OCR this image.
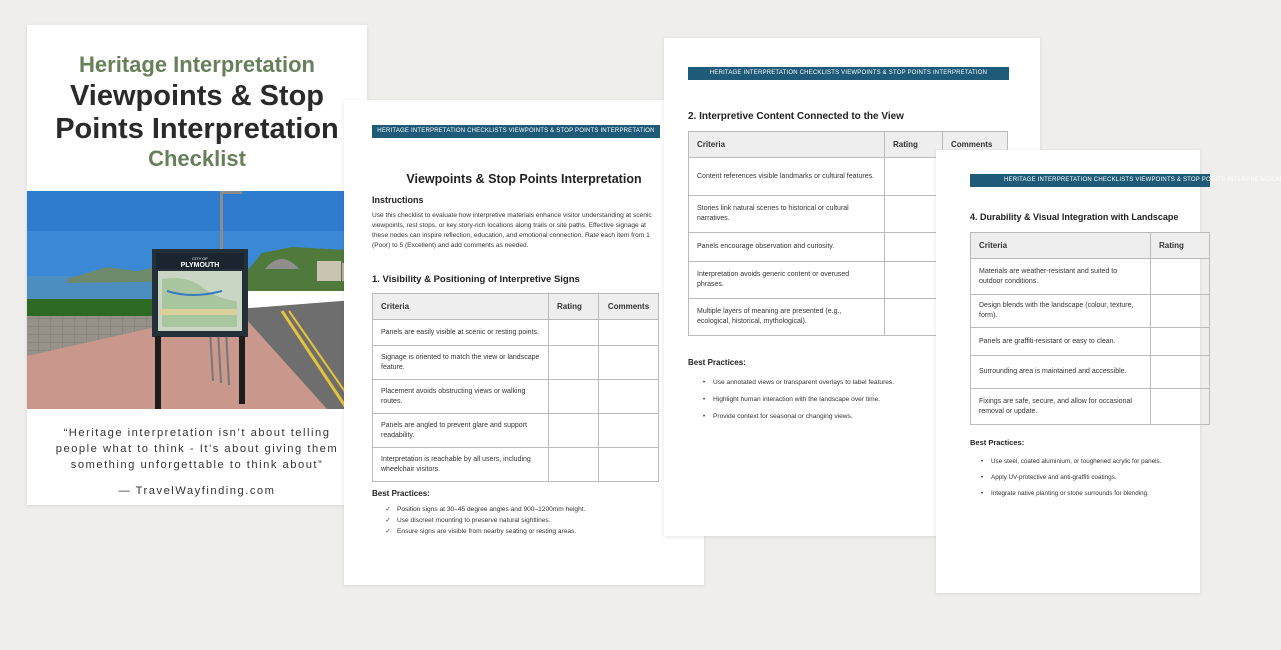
Heritage Interpretation
Viewpoints & Stop
Points Interpretation
Checklist
CITY OF
PLYMOUTH
“Heritage interpretation isn’t about telling people what to think - It’s about giving them something unforgettable to think about”
— TravelWayfinding.com
HERITAGE INTERPRETATION CHECKLISTS VIEWPOINTS & STOP POINTS INTERPRETATION
Viewpoints & Stop Points Interpretation
Instructions
Use this checklist to evaluate how interpretive materials enhance visitor understanding at scenic viewpoints, rest stops, or key story-rich locations along trails or site paths. Effective signage at these nodes can inspire reflection, education, and emotional connection. Rate each item from 1 (Poor) to 5 (Excellent) and add comments as needed.
1. Visibility & Positioning of Interpretive Signs
Criteria	Rating	Comments
Panels are easily visible at scenic or resting points.		
Signage is oriented to match the view or landscape feature.		
Placement avoids obstructing views or walking routes.		
Panels are angled to prevent glare and support readability.		
Interpretation is reachable by all users, including wheelchair visitors.		
Best Practices:
✓ Position signs at 30–45 degree angles and 900–1200mm height.
✓ Use discreet mounting to preserve natural sightlines.
✓ Ensure signs are visible from nearby seating or resting areas.
HERITAGE INTERPRETATION CHECKLISTS VIEWPOINTS & STOP POINTS INTERPRETATION
2. Interpretive Content Connected to the View
Criteria	Rating	Comments
Content references visible landmarks or cultural features.		
Stories link natural scenes to historical or cultural narratives.		
Panels encourage observation and curiosity.		
Interpretation avoids generic content or overused phrases.		
Multiple layers of meaning are presented (e.g., ecological, historical, mythological).		
Best Practices:
• Use annotated views or transparent overlays to label features.
• Highlight human interaction with the landscape over time.
• Provide context for seasonal or changing views.
HERITAGE INTERPRETATION CHECKLISTS VIEWPOINTS & STOP POINTS INTERPRETATION
4. Durability & Visual Integration with Landscape
Criteria	Rating
Materials are weather-resistant and suited to outdoor conditions.	
Design blends with the landscape (colour, texture, form).	
Panels are graffiti-resistant or easy to clean.	
Surrounding area is maintained and accessible.	
Fixings are safe, secure, and allow for occasional removal or update.	
Best Practices:
• Use steel, coated aluminium, or toughened acrylic for panels.
• Apply UV-protective and anti-graffiti coatings.
• Integrate native planting or stone surrounds for blending.
